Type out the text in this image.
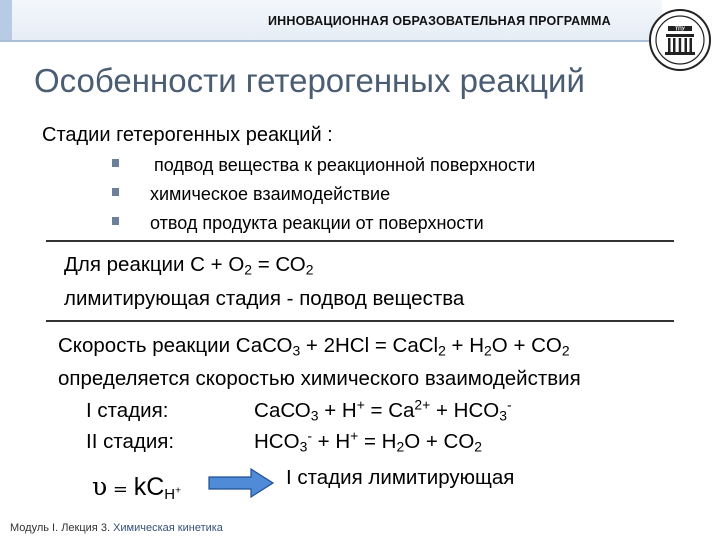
ИННОВАЦИОННАЯ ОБРАЗОВАТЕЛЬНАЯ ПРОГРАММА
ТПУ
Особенности гетерогенных реакций
Стадии гетерогенных реакций :
подвод вещества к реакционной поверхности
химическое взаимодействие
отвод продукта реакции от поверхности
Для реакции $С + О_2 = СО_2$
лимитирующая стадия - подвод вещества
Скорость реакции СаСО$_3$ + 2HCl = CaCl$_2$ + $H_2O + CO_2$
определяется скоростью химического взаимодействия
I стадия:	СаСО$_3$ + $H^+ = Ca^{2+} + HCO_3^-$
II стадия:	$HCO_3^- + H^+ = H_2O + CO_2$
$\upsilon = kC_{H^+}$
I стадия лимитирующая
Модуль I. Лекция 3. Химическая кинетика
